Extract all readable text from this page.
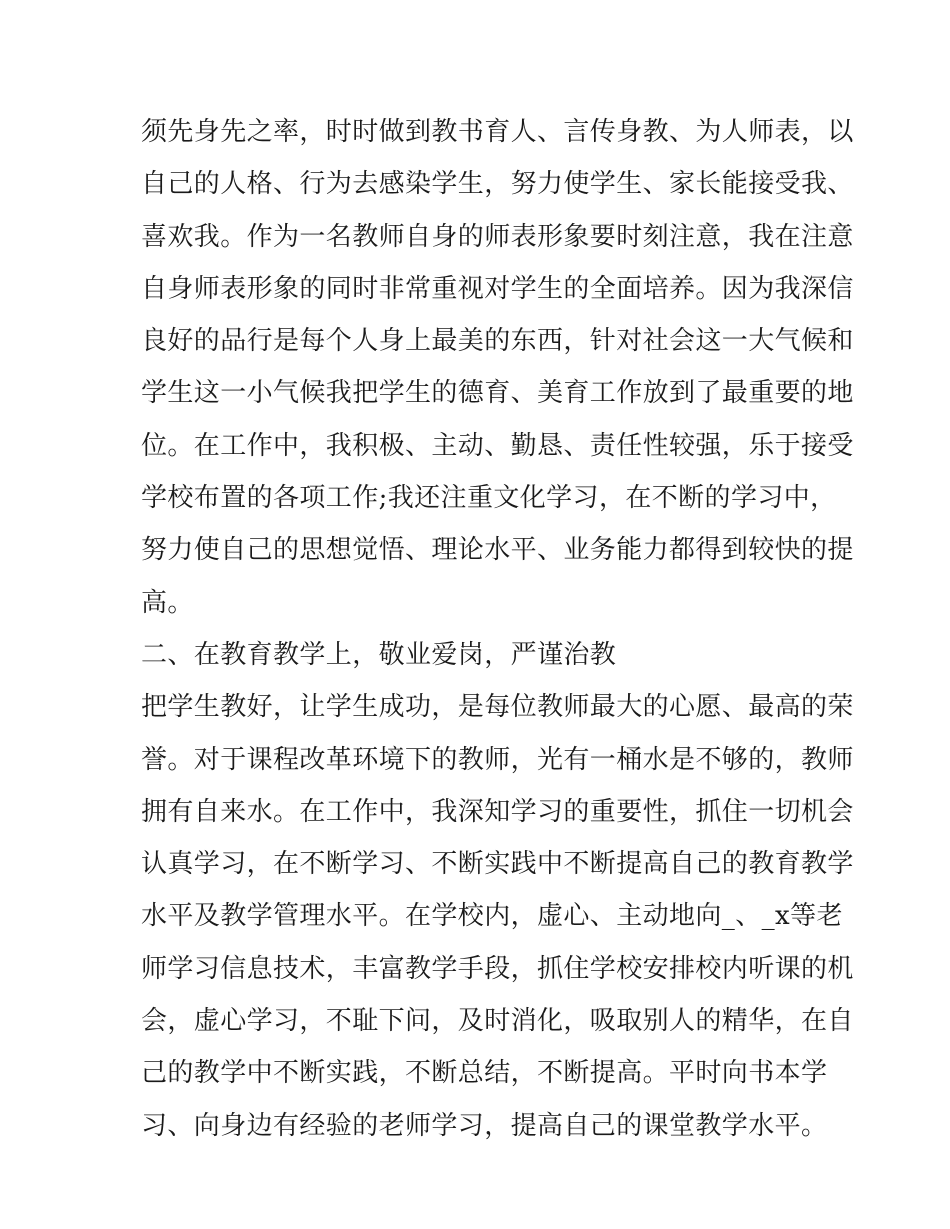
须先身先之率，时时做到教书育人、言传身教、为人师表，以
自己的人格、行为去感染学生，努力使学生、家长能接受我、
喜欢我。作为一名教师自身的师表形象要时刻注意，我在注意
自身师表形象的同时非常重视对学生的全面培养。因为我深信
良好的品行是每个人身上最美的东西，针对社会这一大气候和
学生这一小气候我把学生的德育、美育工作放到了最重要的地
位。在工作中，我积极、主动、勤恳、责任性较强，乐于接受
学校布置的各项工作;我还注重文化学习，在不断的学习中，
努力使自己的思想觉悟、理论水平、业务能力都得到较快的提
高。
二、在教育教学上，敬业爱岗，严谨治教
把学生教好，让学生成功，是每位教师最大的心愿、最高的荣
誉。对于课程改革环境下的教师，光有一桶水是不够的，教师
拥有自来水。在工作中，我深知学习的重要性，抓住一切机会
认真学习，在不断学习、不断实践中不断提高自己的教育教学
水平及教学管理水平。在学校内，虚心、主动地向_、_x等老
师学习信息技术，丰富教学手段，抓住学校安排校内听课的机
会，虚心学习，不耻下问，及时消化，吸取别人的精华，在自
己的教学中不断实践，不断总结，不断提高。平时向书本学
习、向身边有经验的老师学习，提高自己的课堂教学水平。
